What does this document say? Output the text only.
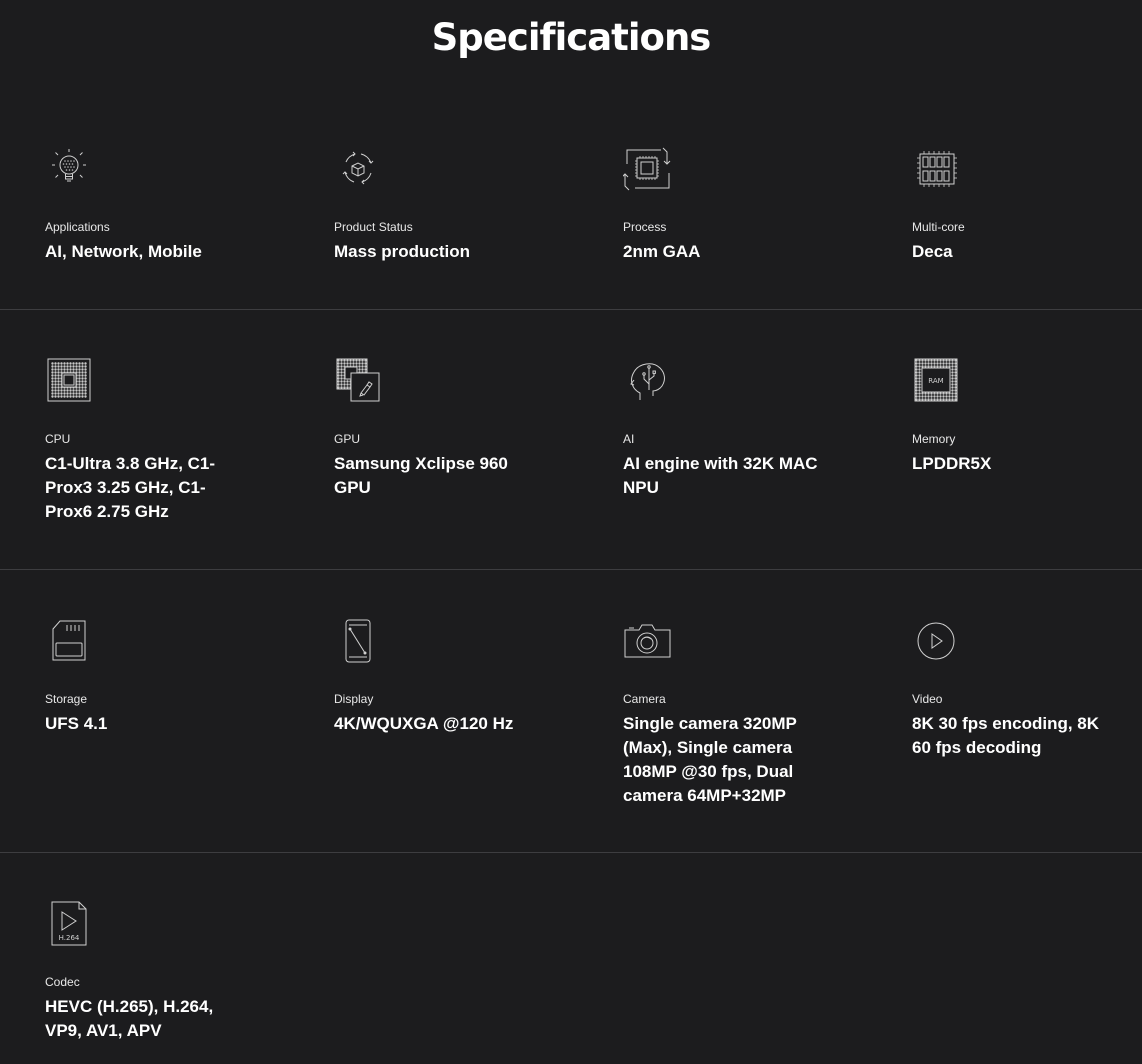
Specifications
Applications
AI, Network, Mobile
Product Status
Mass production
Process
2nm GAA
Multi-core
Deca
CPU
C1-Ultra 3.8 GHz, C1-Prox3 3.25 GHz, C1-Prox6 2.75 GHz
GPU
Samsung Xclipse 960 GPU
AI
AI engine with 32K MAC NPU
RAM
Memory
LPDDR5X
Storage
UFS 4.1
Display
4K/WQUXGA @120 Hz
Camera
Single camera 320MP (Max), Single camera 108MP @30 fps, Dual camera 64MP+32MP
Video
8K 30 fps encoding, 8K 60 fps decoding
H.264
Codec
HEVC (H.265), H.264, VP9, AV1, APV
